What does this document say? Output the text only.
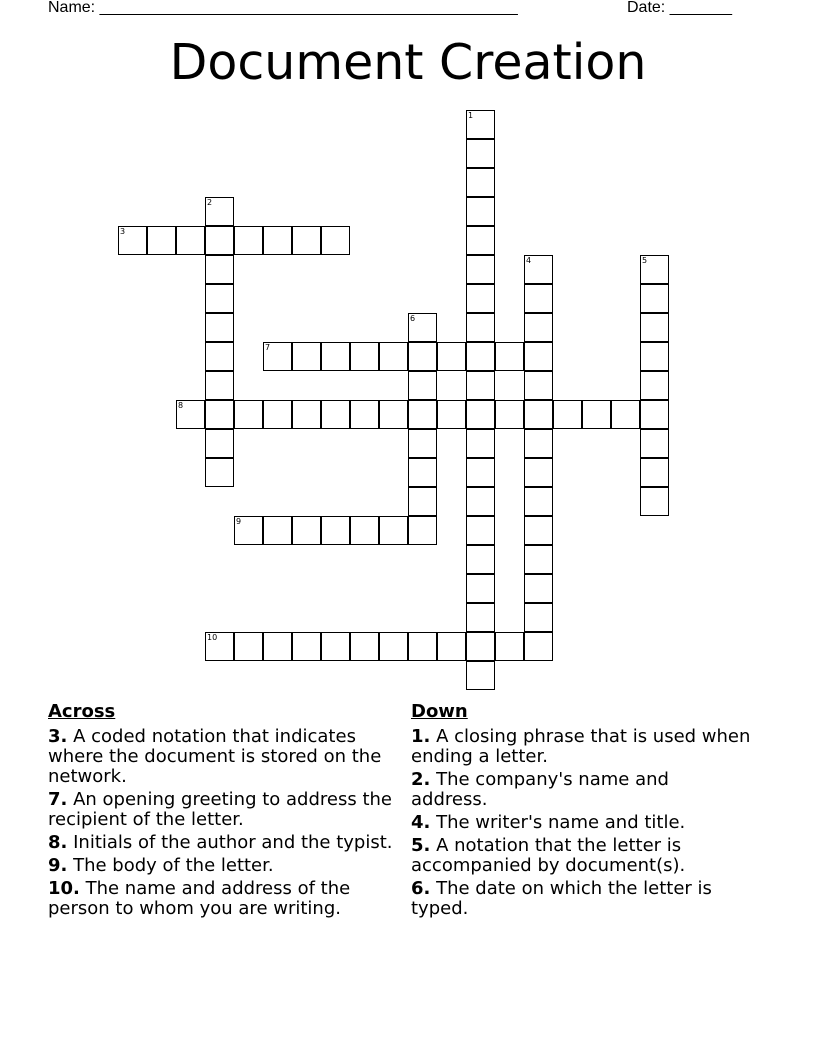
Name: _______________________________________________	Date: _______
Document Creation
1
2
3
4	5
6
7
8
9
10
Across
3. A coded notation that indicates where the document is stored on the network.
7. An opening greeting to address the recipient of the letter.
8. Initials of the author and the typist.
9. The body of the letter.
10. The name and address of the person to whom you are writing.
Down
1. A closing phrase that is used when ending a letter.
2. The company's name and address.
4. The writer's name and title.
5. A notation that the letter is accompanied by document(s).
6. The date on which the letter is typed.
